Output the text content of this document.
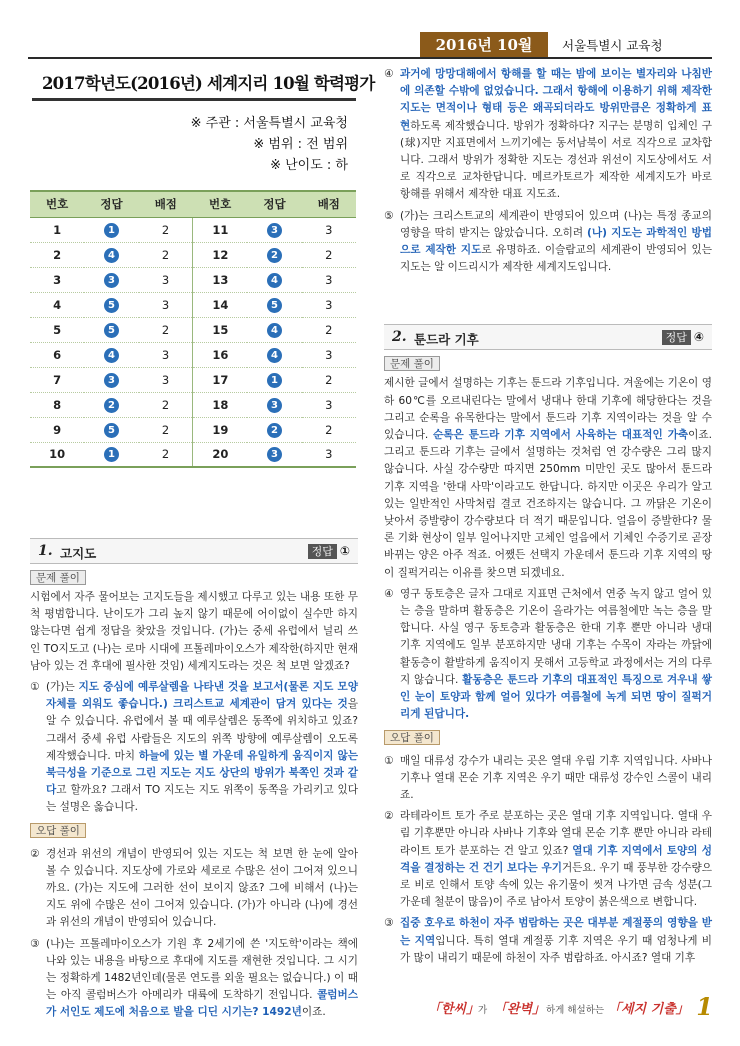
2016년 10월	서울특별시 교육청
2017학년도(2016년) 세계지리 10월 학력평가
※ 주관 : 서울특별시 교육청
※ 범위 : 전 범위
※ 난이도 : 하
번호	정답	배점	번호	정답	배점
1	1	2	11	3	3
2	4	2	12	2	2
3	3	3	13	4	3
4	5	3	14	5	3
5	5	2	15	4	2
6	4	3	16	4	3
7	3	3	17	1	2
8	2	2	18	3	3
9	5	2	19	2	2
10	1	2	20	3	3
1. 고지도	정답 ①
문제 풀이
시험에서 자주 물어보는 고지도들을 제시했고 다루고 있는 내용 또한 무척 평범합니다. 난이도가 그리 높지 않기 때문에 어이없이 실수만 하지 않는다면 쉽게 정답을 찾았을 것입니다. (가)는 중세 유럽에서 널리 쓰인 TO지도고 (나)는 로마 시대에 프톨레마이오스가 제작한(하지만 현재 남아 있는 건 후대에 필사한 것임) 세계지도라는 것은 척 보면 알겠죠?
① (가)는 지도 중심에 예루살렘을 나타낸 것을 보고서(물론 지도 모양 자체를 외워도 좋습니다.) 크리스트교 세계관이 담겨 있다는 것을 알 수 있습니다. 유럽에서 볼 때 예루살렘은 동쪽에 위치하고 있죠? 그래서 중세 유럽 사람들은 지도의 위쪽 방향에 예루살렘이 오도록 제작했습니다. 마치 하늘에 있는 별 가운데 유일하게 움직이지 않는 북극성을 기준으로 그린 지도는 지도 상단의 방위가 북쪽인 것과 같다고 할까요? 그래서 TO 지도는 지도 위쪽이 동쪽을 가리키고 있다는 설명은 옳습니다.
오답 풀이
② 경선과 위선의 개념이 반영되어 있는 지도는 척 보면 한 눈에 알아 볼 수 있습니다. 지도상에 가로와 세로로 수많은 선이 그어져 있으니까요. (가)는 지도에 그러한 선이 보이지 않죠? 그에 비해서 (나)는 지도 위에 수많은 선이 그어져 있습니다. (가)가 아니라 (나)에 경선과 위선의 개념이 반영되어 있습니다.
③ (나)는 프톨레마이오스가 기원 후 2세기에 쓴 '지도학'이라는 책에 나와 있는 내용을 바탕으로 후대에 지도를 재현한 것입니다. 그 시기는 정확하게 1482년인데(물론 연도를 외울 필요는 없습니다.) 이 때는 아직 콜럼버스가 아메리카 대륙에 도착하기 전입니다. 콜럼버스가 서인도 제도에 처음으로 발을 디딘 시기는? 1492년이죠.
④ 과거에 망망대해에서 항해를 할 때는 밤에 보이는 별자리와 나침반에 의존할 수밖에 없었습니다. 그래서 항해에 이용하기 위해 제작한 지도는 면적이나 형태 등은 왜곡되더라도 방위만큼은 정확하게 표현하도록 제작했습니다. 방위가 정확하다? 지구는 분명히 입체인 구(球)지만 지표면에서 느끼기에는 동서남북이 서로 직각으로 교차합니다. 그래서 방위가 정확한 지도는 경선과 위선이 지도상에서도 서로 직각으로 교차한답니다. 메르카토르가 제작한 세계지도가 바로 항해를 위해서 제작한 대표 지도죠.
⑤ (가)는 크리스트교의 세계관이 반영되어 있으며 (나)는 특정 종교의 영향을 딱히 받지는 않았습니다. 오히려 (나) 지도는 과학적인 방법으로 제작한 지도로 유명하죠. 이슬람교의 세계관이 반영되어 있는 지도는 알 이드리시가 제작한 세계지도입니다.
2. 툰드라 기후	정답 ④
문제 풀이
제시한 글에서 설명하는 기후는 툰드라 기후입니다. 겨울에는 기온이 영하 60℃를 오르내린다는 말에서 냉대나 한대 기후에 해당한다는 것을 그리고 순록을 유목한다는 말에서 툰드라 기후 지역이라는 것을 알 수 있습니다. 순록은 툰드라 기후 지역에서 사육하는 대표적인 가축이죠. 그리고 툰드라 기후는 글에서 설명하는 것처럼 연 강수량은 그리 많지 않습니다. 사실 강수량만 따지면 250mm 미만인 곳도 많아서 툰드라 기후 지역을 '한대 사막'이라고도 한답니다. 하지만 이곳은 우리가 알고 있는 일반적인 사막처럼 결코 건조하지는 않습니다. 그 까닭은 기온이 낮아서 증발량이 강수량보다 더 적기 때문입니다. 얼음이 증발한다? 물론 기화 현상이 일부 일어나지만 고체인 얼음에서 기체인 수증기로 곧장 바뀌는 양은 아주 적죠. 어쨌든 선택지 가운데서 툰드라 기후 지역의 땅이 질퍽거리는 이유를 찾으면 되겠네요.
④ 영구 동토층은 글자 그대로 지표면 근처에서 연중 녹지 않고 얼어 있는 층을 말하며 활동층은 기온이 올라가는 여름철에만 녹는 층을 말합니다. 사실 영구 동토층과 활동층은 한대 기후 뿐만 아니라 냉대 기후 지역에도 일부 분포하지만 냉대 기후는 수목이 자라는 까닭에 활동층이 활발하게 움직이지 못해서 고등학교 과정에서는 거의 다루지 않습니다. 활동층은 툰드라 기후의 대표적인 특징으로 겨우내 쌓인 눈이 토양과 함께 얼어 있다가 여름철에 녹게 되면 땅이 질퍽거리게 된답니다.
오답 풀이
① 매일 대류성 강수가 내리는 곳은 열대 우림 기후 지역입니다. 사바나 기후나 열대 몬순 기후 지역은 우기 때만 대류성 강수인 스콜이 내리죠.
② 라테라이트 토가 주로 분포하는 곳은 열대 기후 지역입니다. 열대 우림 기후뿐만 아니라 사바나 기후와 열대 몬순 기후 뿐만 아니라 라테라이트 토가 분포하는 건 알고 있죠? 열대 기후 지역에서 토양의 성격을 결정하는 건 건기 보다는 우기거든요. 우기 때 풍부한 강수량으로 비로 인해서 토양 속에 있는 유기물이 씻겨 나가면 금속 성분(그 가운데 철분이 많음)이 주로 남아서 토양이 붉은색으로 변합니다.
③ 집중 호우로 하천이 자주 범람하는 곳은 대부분 계절풍의 영향을 받는 지역입니다. 특히 열대 계절풍 기후 지역은 우기 때 엄청나게 비가 많이 내리기 때문에 하천이 자주 범람하죠. 아시죠? 열대 기후
「한씨」
가 「완벽」 하게 해설하는 「세지 기출」 1
